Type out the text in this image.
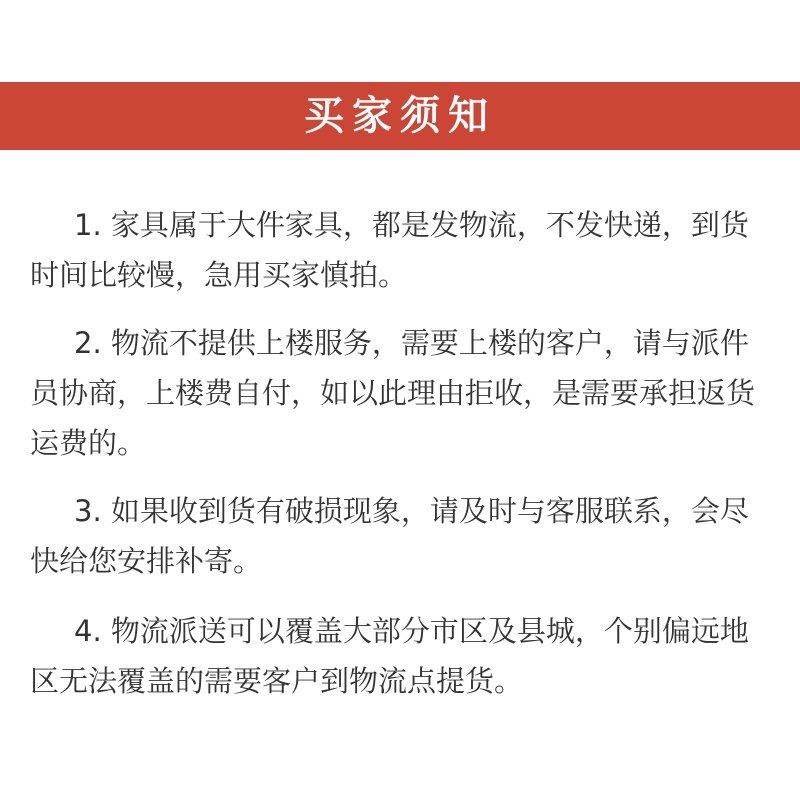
买家须知

1. 家具属于大件家具，都是发物流，不发快递，到货时间比较慢，急用买家慎拍。

2. 物流不提供上楼服务，需要上楼的客户，请与派件员协商，上楼费自付，如以此理由拒收，是需要承担返货运费的。

3. 如果收到货有破损现象，请及时与客服联系，会尽快给您安排补寄。

4. 物流派送可以覆盖大部分市区及县城，个别偏远地区无法覆盖的需要客户到物流点提货。
